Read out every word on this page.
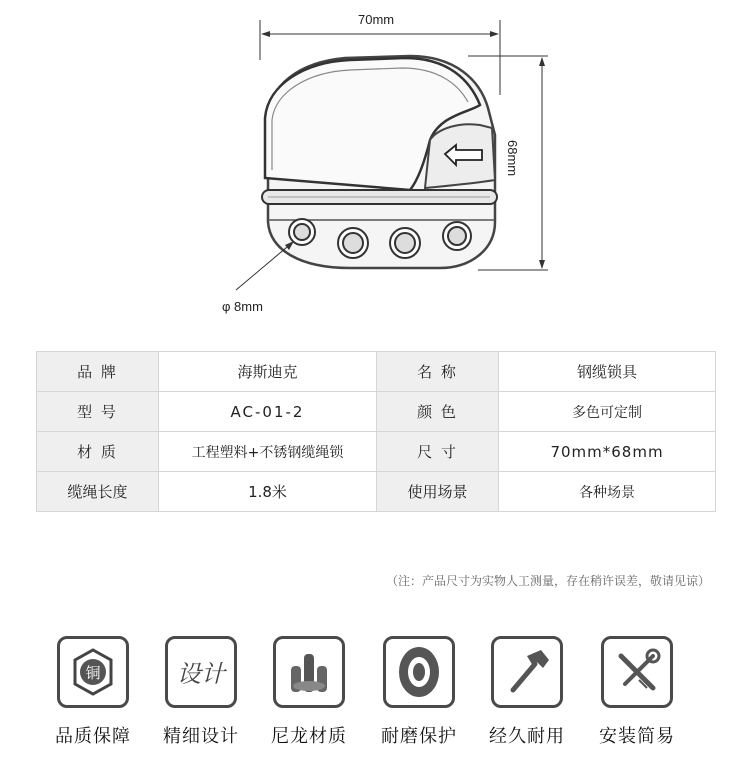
70mm
68mm
φ 8mm
品 牌	海斯迪克	名 称	钢缆锁具
型 号	AC-01-2	颜 色	多色可定制
材 质	工程塑料+不锈钢缆绳锁	尺 寸	70mm*68mm
缆绳长度	1.8米	使用场景	各种场景
（注：产品尺寸为实物人工测量，存在稍许误差，敬请见谅）
铜
品质保障
设计
精细设计	尼龙材质	耐磨保护	经久耐用	安装简易
